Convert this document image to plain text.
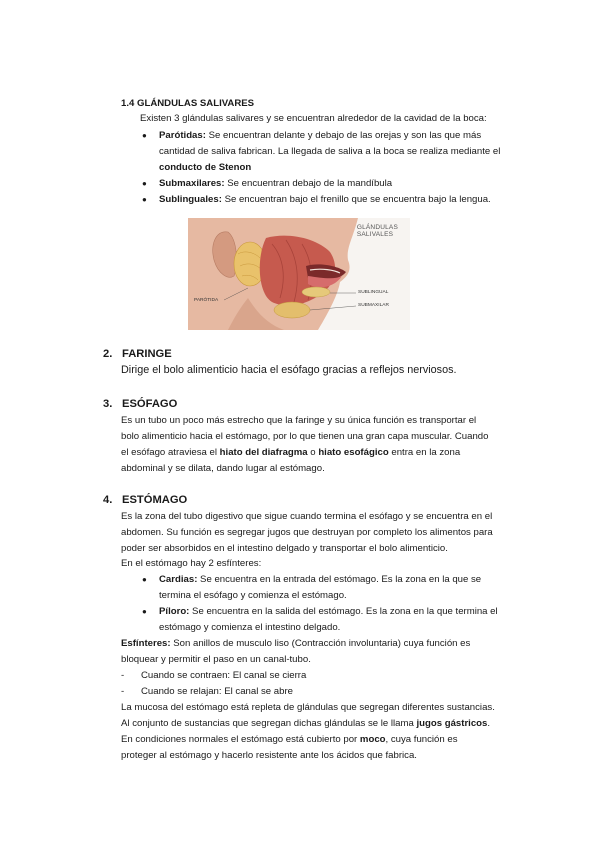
1.4 GLÁNDULAS SALIVARES
Existen 3 glándulas salivares y se encuentran alrededor de la cavidad de la boca:
● Parótidas: Se encuentran delante y debajo de las orejas y son las que más
cantidad de saliva fabrican. La llegada de saliva a la boca se realiza mediante el
conducto de Stenon
● Submaxilares: Se encuentran debajo de la mandíbula
● Sublinguales: Se encuentran bajo el frenillo que se encuentra bajo la lengua.
GLÁNDULAS
SALIVALES
PARÓTIDA
SUBLINGUAL
SUBMAXILAR
2. FARINGE
Dirige el bolo alimenticio hacia el esófago gracias a reflejos nerviosos.
3. ESÓFAGO
Es un tubo un poco más estrecho que la faringe y su única función es transportar el
bolo alimenticio hacia el estómago, por lo que tienen una gran capa muscular. Cuando
el esófago atraviesa el hiato del diafragma o hiato esofágico entra en la zona
abdominal y se dilata, dando lugar al estómago.
4. ESTÓMAGO
Es la zona del tubo digestivo que sigue cuando termina el esófago y se encuentra en el
abdomen. Su función es segregar jugos que destruyan por completo los alimentos para
poder ser absorbidos en el intestino delgado y transportar el bolo alimenticio.
En el estómago hay 2 esfínteres:
● Cardias: Se encuentra en la entrada del estómago. Es la zona en la que se
termina el esófago y comienza el estómago.
● Píloro: Se encuentra en la salida del estómago. Es la zona en la que termina el
estómago y comienza el intestino delgado.
Esfínteres: Son anillos de musculo liso (Contracción involuntaria) cuya función es
bloquear y permitir el paso en un canal-tubo.
- Cuando se contraen: El canal se cierra
- Cuando se relajan: El canal se abre
La mucosa del estómago está repleta de glándulas que segregan diferentes sustancias.
Al conjunto de sustancias que segregan dichas glándulas se le llama jugos gástricos.
En condiciones normales el estómago está cubierto por moco, cuya función es
proteger al estómago y hacerlo resistente ante los ácidos que fabrica.
